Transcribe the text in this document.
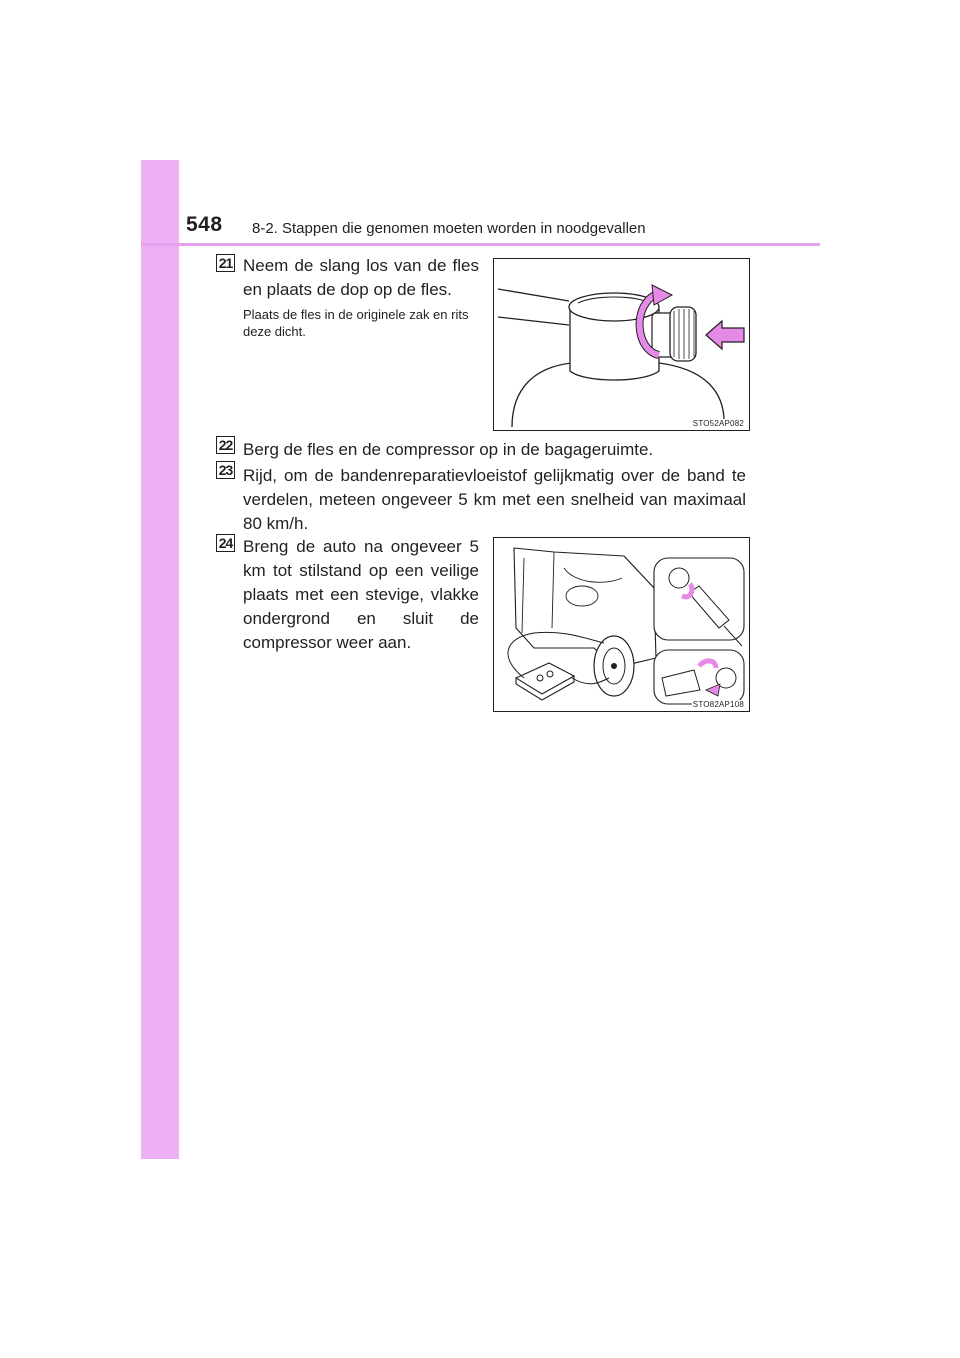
548 8-2. Stappen die genomen moeten worden in noodgevallen
21 Neem de slang los van de fles en plaats de dop op de fles.
Plaats de fles in de originele zak en rits deze dicht.
STO52AP082
22 Berg de fles en de compressor op in de bagageruimte.
23 Rijd, om de bandenreparatievloeistof gelijkmatig over de band te verdelen, meteen ongeveer 5 km met een snelheid van maximaal 80 km/h.
24 Breng de auto na ongeveer 5 km tot stilstand op een veilige plaats met een stevige, vlakke ondergrond en sluit de compressor weer aan.
STO82AP108
